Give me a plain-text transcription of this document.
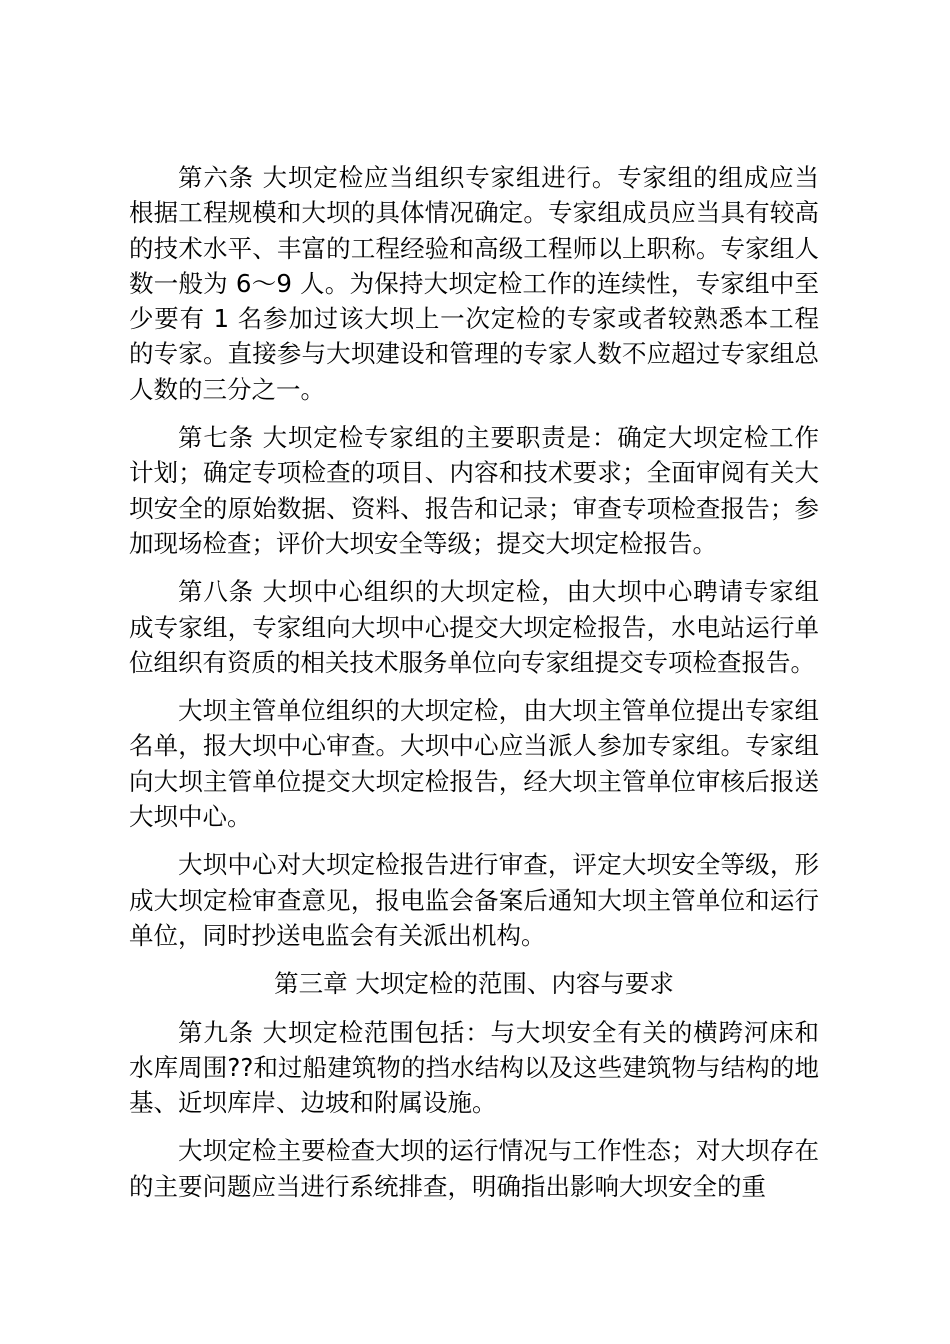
第六条 大坝定检应当组织专家组进行。专家组的组成应当根据工程规模和大坝的具体情况确定。专家组成员应当具有较高的技术水平、丰富的工程经验和高级工程师以上职称。专家组人数一般为 6～9 人。为保持大坝定检工作的连续性，专家组中至少要有 1 名参加过该大坝上一次定检的专家或者较熟悉本工程的专家。直接参与大坝建设和管理的专家人数不应超过专家组总人数的三分之一。

第七条 大坝定检专家组的主要职责是：确定大坝定检工作计划；确定专项检查的项目、内容和技术要求；全面审阅有关大坝安全的原始数据、资料、报告和记录；审查专项检查报告；参加现场检查；评价大坝安全等级；提交大坝定检报告。

第八条 大坝中心组织的大坝定检，由大坝中心聘请专家组成专家组，专家组向大坝中心提交大坝定检报告，水电站运行单位组织有资质的相关技术服务单位向专家组提交专项检查报告。

大坝主管单位组织的大坝定检，由大坝主管单位提出专家组名单，报大坝中心审查。大坝中心应当派人参加专家组。专家组向大坝主管单位提交大坝定检报告，经大坝主管单位审核后报送大坝中心。

大坝中心对大坝定检报告进行审查，评定大坝安全等级，形成大坝定检审查意见，报电监会备案后通知大坝主管单位和运行单位，同时抄送电监会有关派出机构。

第三章 大坝定检的范围、内容与要求

第九条 大坝定检范围包括：与大坝安全有关的横跨河床和水库周围??和过船建筑物的挡水结构以及这些建筑物与结构的地基、近坝库岸、边坡和附属设施。

大坝定检主要检查大坝的运行情况与工作性态；对大坝存在的主要问题应当进行系统排查，明确指出影响大坝安全的重
